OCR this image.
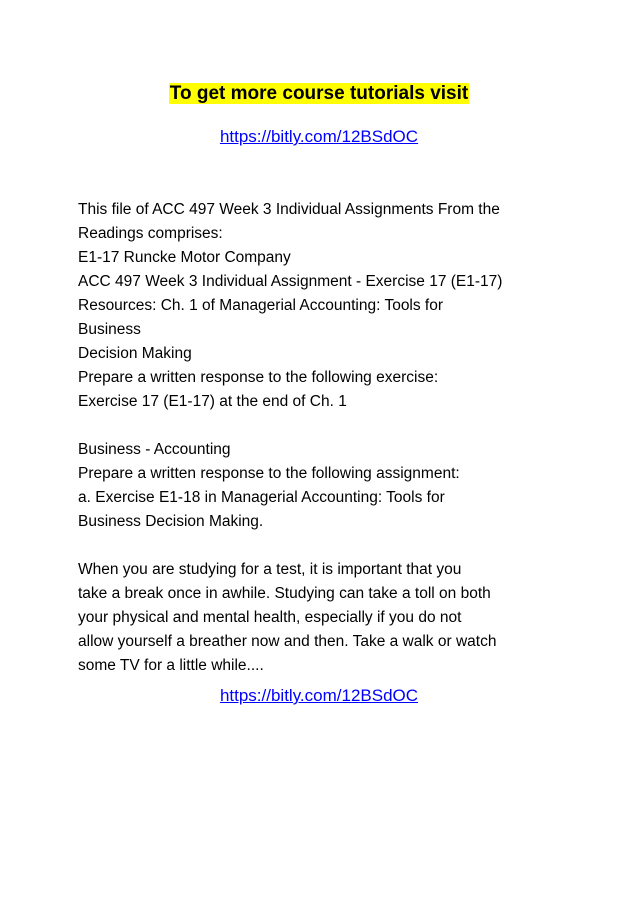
To get more course tutorials visit
https://bitly.com/12BSdOC

This file of ACC 497 Week 3 Individual Assignments From the
Readings comprises:
E1-17 Runcke Motor Company
ACC 497 Week 3 Individual Assignment - Exercise 17 (E1-17)
Resources: Ch. 1 of Managerial Accounting: Tools for
Business
Decision Making
Prepare a written response to the following exercise:
Exercise 17 (E1-17) at the end of Ch. 1

Business - Accounting
Prepare a written response to the following assignment:
a. Exercise E1-18 in Managerial Accounting: Tools for
Business Decision Making.

When you are studying for a test, it is important that you
take a break once in awhile. Studying can take a toll on both
your physical and mental health, especially if you do not
allow yourself a breather now and then. Take a walk or watch
some TV for a little while....

https://bitly.com/12BSdOC
